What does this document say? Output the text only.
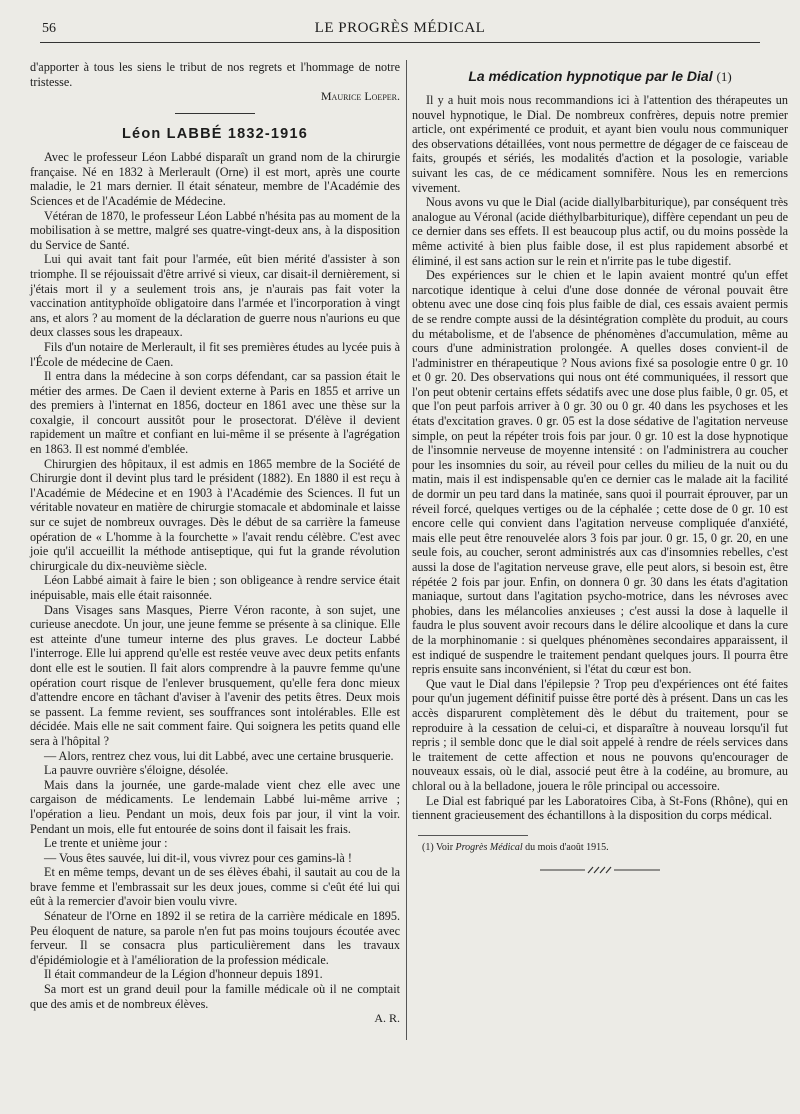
56	LE PROGRÈS MÉDICAL

d'apporter à tous les siens le tribut de nos regrets et l'hommage de notre tristesse.

Maurice Loeper.
Léon LABBÉ 1832-1916

Avec le professeur Léon Labbé disparaît un grand nom de la chirurgie française. Né en 1832 à Merlerault (Orne) il est mort, après une courte maladie, le 21 mars dernier. Il était sénateur, membre de l'Académie des Sciences et de l'Académie de Médecine.

Vétéran de 1870, le professeur Léon Labbé n'hésita pas au moment de la mobilisation à se mettre, malgré ses quatre-vingt-deux ans, à la disposition du Service de Santé.

Lui qui avait tant fait pour l'armée, eût bien mérité d'assister à son triomphe. Il se réjouissait d'être arrivé si vieux, car disait-il dernièrement, si j'étais mort il y a seulement trois ans, je n'aurais pas fait voter la vaccination antityphoïde obligatoire dans l'armée et l'incorporation à vingt ans, et alors ? au moment de la déclaration de guerre nous n'aurions eu que deux classes sous les drapeaux.

Fils d'un notaire de Merlerault, il fit ses premières études au lycée puis à l'École de médecine de Caen.

Il entra dans la médecine à son corps défendant, car sa passion était le métier des armes. De Caen il devient externe à Paris en 1855 et arrive un des premiers à l'internat en 1856, docteur en 1861 avec une thèse sur la coxalgie, il concourt aussitôt pour le prosectorat. D'élève il devient rapidement un maître et confiant en lui-même il se présente à l'agrégation en 1863. Il est nommé d'emblée.

Chirurgien des hôpitaux, il est admis en 1865 membre de la Société de Chirurgie dont il devint plus tard le président (1882). En 1880 il est reçu à l'Académie de Médecine et en 1903 à l'Académie des Sciences. Il fut un véritable novateur en matière de chirurgie stomacale et abdominale et laisse sur ce sujet de nombreux ouvrages. Dès le début de sa carrière la fameuse opération de « L'homme à la fourchette » l'avait rendu célèbre. C'est avec joie qu'il accueillit la méthode antiseptique, qui fut la grande révolution chirurgicale du dix-neuvième siècle.

Léon Labbé aimait à faire le bien ; son obligeance à rendre service était inépuisable, mais elle était raisonnée.

Dans Visages sans Masques, Pierre Véron raconte, à son sujet, une curieuse anecdote. Un jour, une jeune femme se présente à sa clinique. Elle est atteinte d'une tumeur interne des plus graves. Le docteur Labbé l'interroge. Elle lui apprend qu'elle est restée veuve avec deux petits enfants dont elle est le soutien. Il fait alors comprendre à la pauvre femme qu'une opération court risque de l'enlever brusquement, qu'elle fera donc mieux d'attendre encore en tâchant d'aviser à l'avenir des petits êtres. Deux mois se passent. La femme revient, ses souffrances sont intolérables. Elle est décidée. Mais elle ne sait comment faire. Qui soignera les petits quand elle sera à l'hôpital ?

— Alors, rentrez chez vous, lui dit Labbé, avec une certaine brusquerie.

La pauvre ouvrière s'éloigne, désolée.

Mais dans la journée, une garde-malade vient chez elle avec une cargaison de médicaments. Le lendemain Labbé lui-même arrive ; l'opération a lieu. Pendant un mois, deux fois par jour, il vint la voir. Pendant un mois, elle fut entourée de soins dont il faisait les frais.

Le trente et unième jour :

— Vous êtes sauvée, lui dit-il, vous vivrez pour ces gamins-là !

Et en même temps, devant un de ses élèves ébahi, il sautait au cou de la brave femme et l'embrassait sur les deux joues, comme si c'eût été lui qui eût à la remercier d'avoir bien voulu vivre.

Sénateur de l'Orne en 1892 il se retira de la carrière médicale en 1895. Peu éloquent de nature, sa parole n'en fut pas moins toujours écoutée avec ferveur. Il se consacra plus particulièrement dans les travaux d'épidémiologie et à l'amélioration de la profession médicale.

Il était commandeur de la Légion d'honneur depuis 1891.

Sa mort est un grand deuil pour la famille médicale où il ne comptait que des amis et de nombreux élèves.

A. R.
La médication hypnotique par le Dial (1)

Il y a huit mois nous recommandions ici à l'attention des thérapeutes un nouvel hypnotique, le Dial. De nombreux confrères, depuis notre premier article, ont expérimenté ce produit, et ayant bien voulu nous communiquer des observations détaillées, vont nous permettre de dégager de ce faisceau de faits, groupés et sériés, les modalités d'action et la posologie, variable suivant les cas, de ce médicament somnifère. Nous les en remercions vivement.

Nous avons vu que le Dial (acide diallylbarbiturique), par conséquent très analogue au Véronal (acide diéthylbarbiturique), diffère cependant un peu de ce dernier dans ses effets. Il est beaucoup plus actif, ou du moins possède la même activité à bien plus faible dose, il est plus rapidement absorbé et éliminé, il est sans action sur le rein et n'irrite pas le tube digestif.

Des expériences sur le chien et le lapin avaient montré qu'un effet narcotique identique à celui d'une dose donnée de véronal pouvait être obtenu avec une dose cinq fois plus faible de dial, ces essais avaient permis de se rendre compte aussi de la désintégration complète du produit, au cours du métabolisme, et de l'absence de phénomènes d'accumulation, même au cours d'une administration prolongée. A quelles doses convient-il de l'administrer en thérapeutique ? Nous avions fixé sa posologie entre 0 gr. 10 et 0 gr. 20. Des observations qui nous ont été communiquées, il ressort que l'on peut obtenir certains effets sédatifs avec une dose plus faible, 0 gr. 05, et que l'on peut parfois arriver à 0 gr. 30 ou 0 gr. 40 dans les psychoses et les états d'excitation graves. 0 gr. 05 est la dose sédative de l'agitation nerveuse simple, on peut la répéter trois fois par jour. 0 gr. 10 est la dose hypnotique de l'insomnie nerveuse de moyenne intensité : on l'administrera au coucher pour les insomnies du soir, au réveil pour celles du milieu de la nuit ou du matin, mais il est indispensable qu'en ce dernier cas le malade ait la facilité de dormir un peu tard dans la matinée, sans quoi il pourrait éprouver, par un réveil forcé, quelques vertiges ou de la céphalée ; cette dose de 0 gr. 10 est encore celle qui convient dans l'agitation nerveuse compliquée d'anxiété, mais elle peut être renouvelée alors 3 fois par jour. 0 gr. 15, 0 gr. 20, en une seule fois, au coucher, seront administrés aux cas d'insomnies rebelles, c'est aussi la dose de l'agitation nerveuse grave, elle peut alors, si besoin est, être répétée 2 fois par jour. Enfin, on donnera 0 gr. 30 dans les états d'agitation maniaque, surtout dans l'agitation psycho-motrice, dans les névroses avec phobies, dans les mélancolies anxieuses ; c'est aussi la dose à laquelle il faudra le plus souvent avoir recours dans le délire alcoolique et dans la cure de la morphinomanie : si quelques phénomènes secondaires apparaissent, il est indiqué de suspendre le traitement pendant quelques jours. Il pourra être repris ensuite sans inconvénient, si l'état du cœur est bon.

Que vaut le Dial dans l'épilepsie ? Trop peu d'expériences ont été faites pour qu'un jugement définitif puisse être porté dès à présent. Dans un cas les accès disparurent complètement dès le début du traitement, pour se reproduire à la cessation de celui-ci, et disparaître à nouveau lorsqu'il fut repris ; il semble donc que le dial soit appelé à rendre de réels services dans le traitement de cette affection et nous ne pouvons qu'encourager de nouveaux essais, où le dial, associé peut être à la codéine, au bromure, au chloral ou à la belladone, jouera le rôle principal ou accessoire.

Le Dial est fabriqué par les Laboratoires Ciba, à St-Fons (Rhône), qui en tiennent gracieusement des échantillons à la disposition du corps médical.

(1) Voir Progrès Médical du mois d'août 1915.
